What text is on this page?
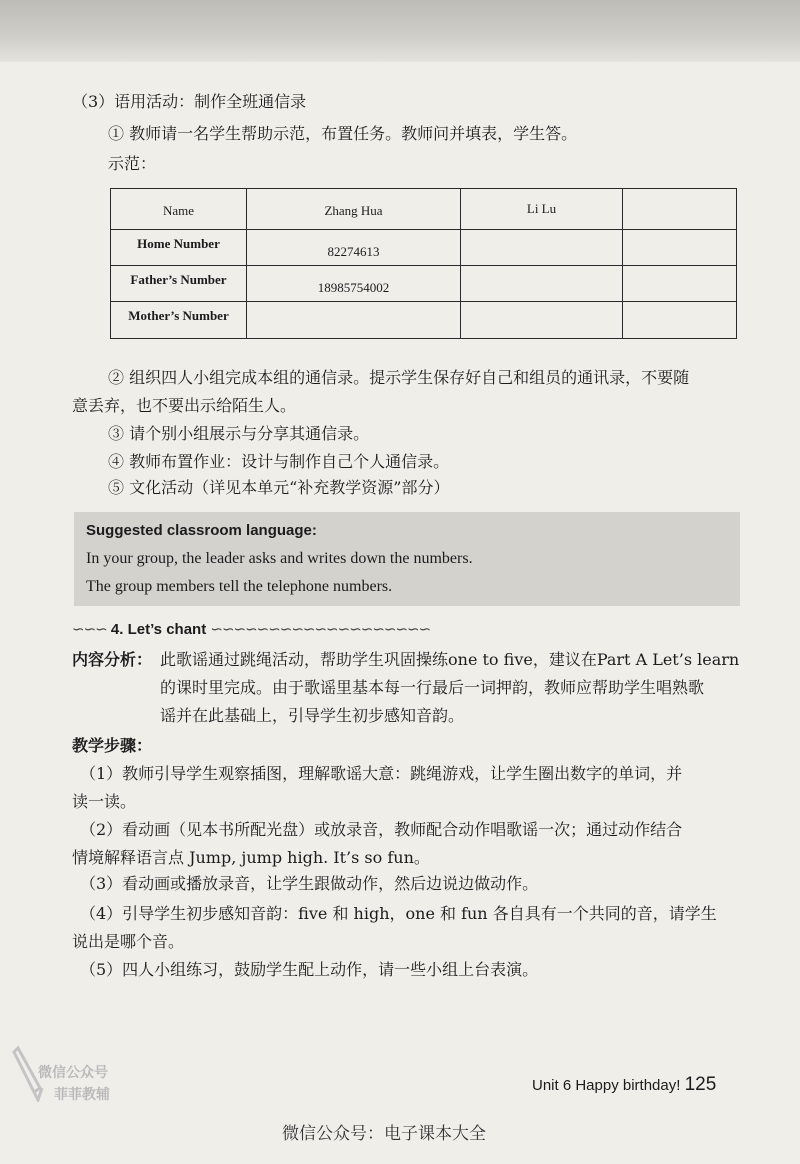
（3）语用活动：制作全班通信录
① 教师请一名学生帮助示范，布置任务。教师问并填表，学生答。
示范：
Name	Zhang Hua	Li Lu	

Home Number	82274613		

Father’s Number	18985754002		

Mother’s Number			

② 组织四人小组完成本组的通信录。提示学生保存好自己和组员的通讯录，不要随
意丢弃，也不要出示给陌生人。
③ 请个别小组展示与分享其通信录。
④ 教师布置作业：设计与制作自己个人通信录。
⑤ 文化活动（详见本单元“补充教学资源”部分）
Suggested classroom language:
In your group, the leader asks and writes down the numbers.
The group members tell the telephone numbers.
∽∽∽ 4. Let’s chant ∽∽∽∽∽∽∽∽∽∽∽∽∽∽∽∽∽∽∽
内容分析： 此歌谣通过跳绳活动，帮助学生巩固操练one to five，建议在Part A Let’s learn
的课时里完成。由于歌谣里基本每一行最后一词押韵，教师应帮助学生唱熟歌
谣并在此基础上，引导学生初步感知音韵。
教学步骤：
（1）教师引导学生观察插图，理解歌谣大意：跳绳游戏，让学生圈出数字的单词，并
读一读。
（2）看动画（见本书所配光盘）或放录音，教师配合动作唱歌谣一次；通过动作结合
情境解释语言点 Jump, jump high. It’s so fun。
（3）看动画或播放录音，让学生跟做动作，然后边说边做动作。
（4）引导学生初步感知音韵：five 和 high，one 和 fun 各自具有一个共同的音，请学生
说出是哪个音。
（5）四人小组练习，鼓励学生配上动作，请一些小组上台表演。
微信公众号
菲菲教辅
Unit 6 Happy birthday! 125
微信公众号：电子课本大全
